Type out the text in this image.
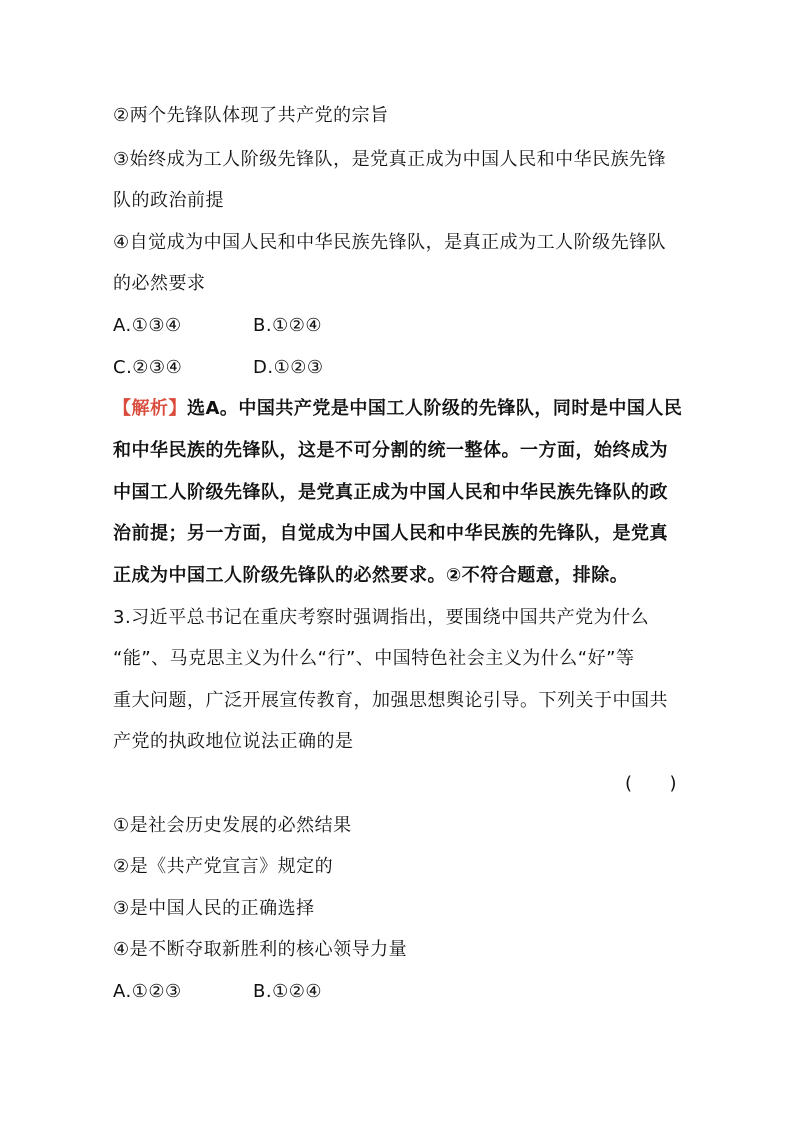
②两个先锋队体现了共产党的宗旨
③始终成为工人阶级先锋队，是党真正成为中国人民和中华民族先锋
队的政治前提
④自觉成为中国人民和中华民族先锋队，是真正成为工人阶级先锋队
的必然要求
A.①③④	B.①②④
C.②③④	D.①②③
【解析】选A。中国共产党是中国工人阶级的先锋队，同时是中国人民
和中华民族的先锋队，这是不可分割的统一整体。一方面，始终成为
中国工人阶级先锋队，是党真正成为中国人民和中华民族先锋队的政
治前提；另一方面，自觉成为中国人民和中华民族的先锋队，是党真
正成为中国工人阶级先锋队的必然要求。②不符合题意，排除。
3.习近平总书记在重庆考察时强调指出，要围绕中国共产党为什么
“能”、马克思主义为什么“行”、中国特色社会主义为什么“好”等
重大问题，广泛开展宣传教育，加强思想舆论引导。下列关于中国共
产党的执政地位说法正确的是
(　　)
①是社会历史发展的必然结果
②是《共产党宣言》规定的
③是中国人民的正确选择
④是不断夺取新胜利的核心领导力量
A.①②③	B.①②④
